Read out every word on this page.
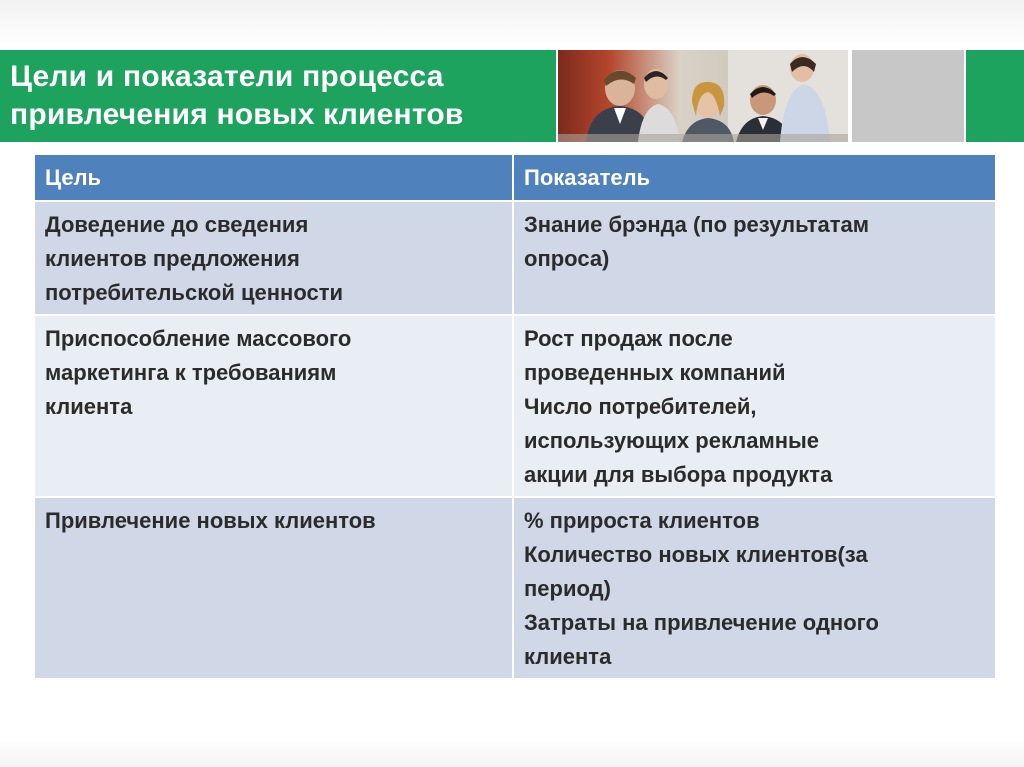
Цели и показатели процесса
привлечения новых клиентов
Цель	Показатель

Доведение до сведения
клиентов предложения
потребительской ценности	Знание брэнда (по результатам
опроса)

Приспособление массового
маркетинга к требованиям
клиента	Рост продаж после
проведенных компаний
Число потребителей,
использующих рекламные
акции для выбора продукта

Привлечение новых клиентов	% прироста клиентов
Количество новых клиентов(за
период)
Затраты на привлечение одного
клиента
